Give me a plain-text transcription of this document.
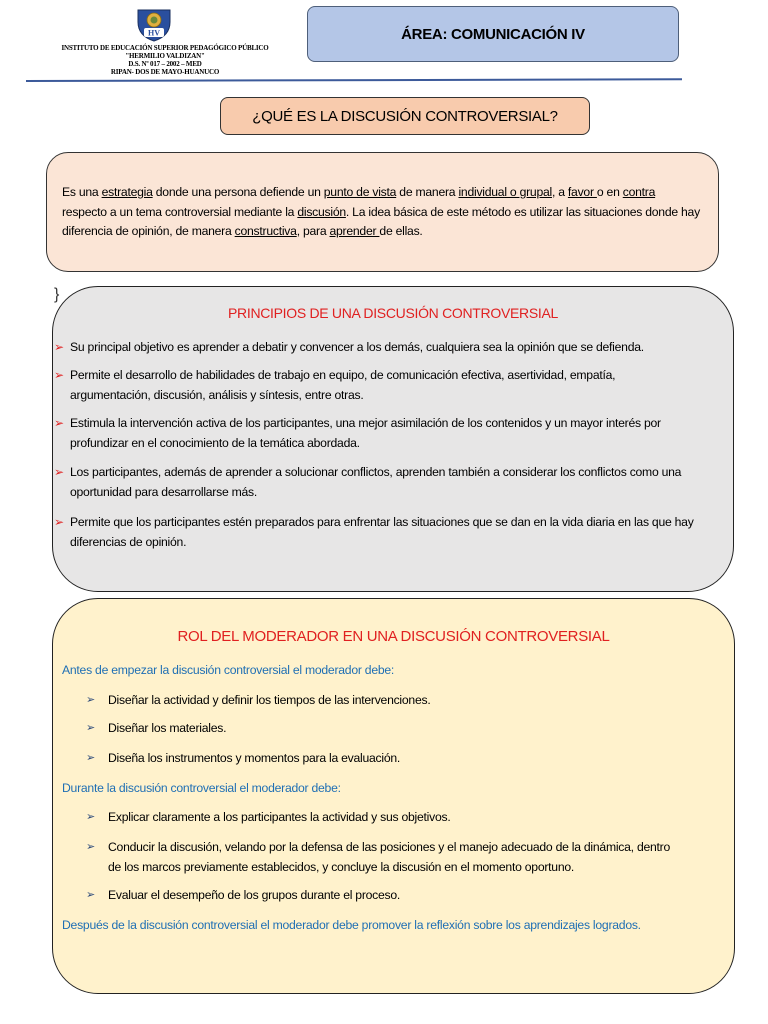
HV
INSTITUTO DE EDUCACIÓN SUPERIOR PEDAGÓGICO PÚBLICO
"HERMILIO VALDIZAN"
D.S. Nº 017 – 2002 – MED
RIPAN- DOS DE MAYO-HUANUCO
ÁREA: COMUNICACIÓN IV
¿QUÉ ES LA DISCUSIÓN CONTROVERSIAL?
Es una estrategia donde una persona defiende un punto de vista de manera individual o grupal, a favor o en contra respecto a un tema controversial mediante la discusión. La idea básica de este método es utilizar las situaciones donde hay diferencia de opinión, de manera constructiva, para aprender de ellas.
}
PRINCIPIOS DE UNA DISCUSIÓN CONTROVERSIAL
➢ Su principal objetivo es aprender a debatir y convencer a los demás, cualquiera sea la opinión que se defienda.
➢ Permite el desarrollo de habilidades de trabajo en equipo, de comunicación efectiva, asertividad, empatía, argumentación, discusión, análisis y síntesis, entre otras.
➢ Estimula la intervención activa de los participantes, una mejor asimilación de los contenidos y un mayor interés por profundizar en el conocimiento de la temática abordada.
➢ Los participantes, además de aprender a solucionar conflictos, aprenden también a considerar los conflictos como una oportunidad para desarrollarse más.
➢ Permite que los participantes estén preparados para enfrentar las situaciones que se dan en la vida diaria en las que hay diferencias de opinión.
ROL DEL MODERADOR EN UNA DISCUSIÓN CONTROVERSIAL
Antes de empezar la discusión controversial el moderador debe:
➢ Diseñar la actividad y definir los tiempos de las intervenciones.
➢ Diseñar los materiales.
➢ Diseña los instrumentos y momentos para la evaluación.
Durante la discusión controversial el moderador debe:
➢ Explicar claramente a los participantes la actividad y sus objetivos.
➢ Conducir la discusión, velando por la defensa de las posiciones y el manejo adecuado de la dinámica, dentro de los marcos previamente establecidos, y concluye la discusión en el momento oportuno.
➢ Evaluar el desempeño de los grupos durante el proceso.
Después de la discusión controversial el moderador debe promover la reflexión sobre los aprendizajes logrados.
